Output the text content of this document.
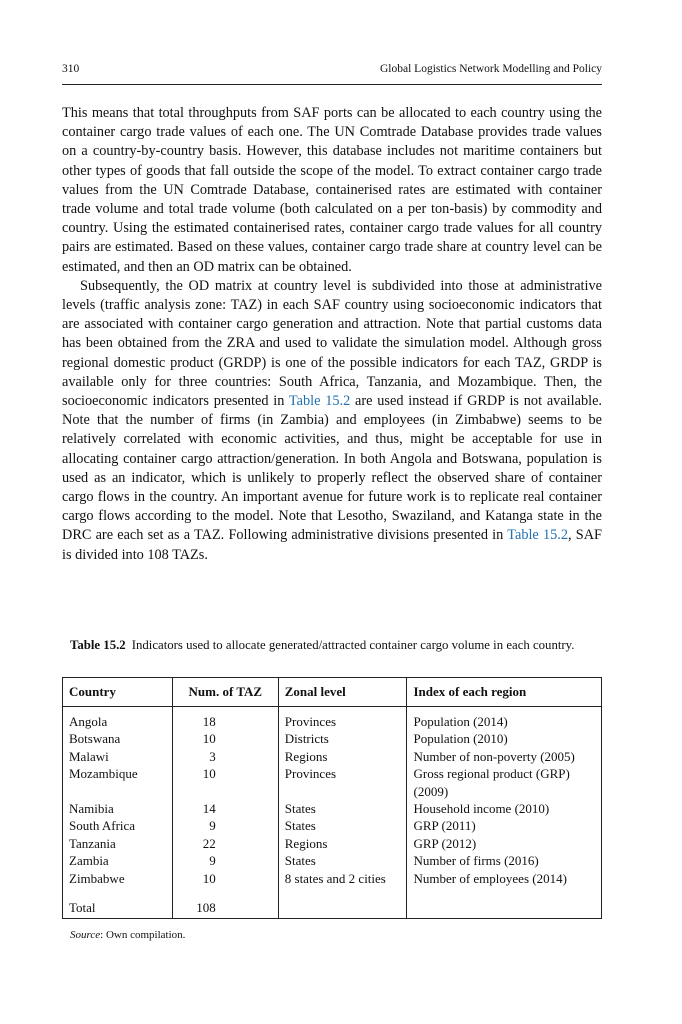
310	Global Logistics Network Modelling and Policy

This means that total throughputs from SAF ports can be allocated to each country using the container cargo trade values of each one. The UN Comtrade Database provides trade values on a country-by-country basis. However, this database includes not maritime containers but other types of goods that fall outside the scope of the model. To extract container cargo trade values from the UN Comtrade Database, containerised rates are estimated with container trade volume and total trade volume (both calculated on a per ton-basis) by commodity and country. Using the estimated containerised rates, container cargo trade values for all country pairs are estimated. Based on these values, container cargo trade share at country level can be estimated, and then an OD matrix can be obtained.

Subsequently, the OD matrix at country level is subdivided into those at administrative levels (traffic analysis zone: TAZ) in each SAF country using socioeconomic indicators that are associated with container cargo generation and attraction. Note that partial customs data has been obtained from the ZRA and used to validate the simulation model. Although gross regional domestic product (GRDP) is one of the possible indicators for each TAZ, GRDP is available only for three countries: South Africa, Tanzania, and Mozambique. Then, the socioeconomic indicators presented in Table 15.2 are used instead if GRDP is not available. Note that the number of firms (in Zambia) and employees (in Zimbabwe) seems to be relatively correlated with economic activities, and thus, might be acceptable for use in allocating container cargo attraction/generation. In both Angola and Botswana, population is used as an indicator, which is unlikely to properly reflect the observed share of container cargo flows in the country. An important avenue for future work is to replicate real container cargo flows according to the model. Note that Lesotho, Swaziland, and Katanga state in the DRC are each set as a TAZ. Following administrative divisions presented in Table 15.2, SAF is divided into 108 TAZs.

Table 15.2 Indicators used to allocate generated/attracted container cargo volume in each country.
Country	Num. of TAZ	Zonal level	Index of each region
Angola	18	Provinces	Population (2014)
Botswana	10	Districts	Population (2010)
Malawi	3	Regions	Number of non-poverty (2005)
Mozambique	10	Provinces	Gross regional product (GRP) (2009)
Namibia	14	States	Household income (2010)
South Africa	9	States	GRP (2011)
Tanzania	22	Regions	GRP (2012)
Zambia	9	States	Number of firms (2016)
Zimbabwe	10	8 states and 2 cities	Number of employees (2014)
Total	108		
Source: Own compilation.
